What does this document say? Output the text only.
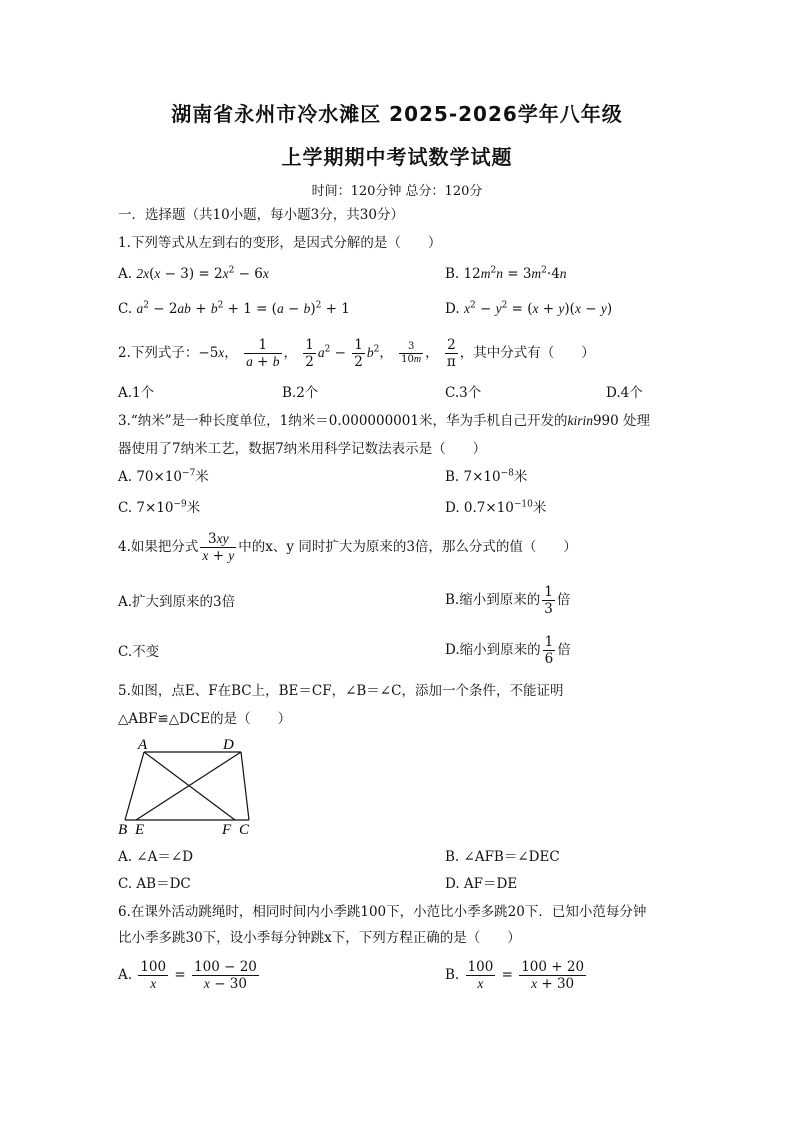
湖南省永州市冷水滩区 2025-2026学年八年级
上学期期中考试数学试题
时间：120分钟 总分：120分
一．选择题（共10小题，每小题3分，共30分）
1.下列等式从左到右的变形，是因式分解的是（　　）
A. $2x(x - 3) = 2x^2 - 6x$	B. $12m^2n = 3m^2\cdot 4n$
C. $a^2 - 2ab + b^2 + 1 = (a - b)^2 + 1$	D. $x^2 - y^2 = (x + y)(x - y)$
2.下列式子：−5x， $\frac{1}{a + b}$ ， $\frac{1}{2} a^2 - \frac{1}{2} b^2$， $\frac{3}{10m}$ ， $\frac{2}{\pi}$ ，其中分式有（　　）
A.1个	B.2个	C.3个	D.4个
3.“纳米”是一种长度单位，1纳米＝0.000000001米，华为手机自己开发的kirin990 处理
器使用了7纳米工艺，数据7纳米用科学记数法表示是（　　）
A. $70\times 10^{-7}$米	B. $7\times 10^{-8}$米
C. $7\times 10^{-9}$米	D. $0.7\times 10^{-10}$米
4.如果把分式 $\frac{3xy}{x + y}$ 中的x、y 同时扩大为原来的3倍，那么分式的值（　　）
A.扩大到原来的3倍	B.缩小到原来的 $\frac{1}{3}$ 倍
C.不变	D.缩小到原来的 $\frac{1}{6}$ 倍
5.如图，点E、F在BC上，BE＝CF，∠B＝∠C，添加一个条件，不能证明
△ABF≌△DCE的是（　　）
A	D
B E	F C
A. ∠A＝∠D	B. ∠AFB＝∠DEC
C. AB＝DC	D. AF＝DE
6.在课外活动跳绳时，相同时间内小季跳100下，小范比小季多跳20下．已知小范每分钟
比小季多跳30下，设小季每分钟跳x下，下列方程正确的是（　　）
A. $\frac{100}{x} = \frac{100 - 20}{x - 30}$	B. $\frac{100}{x} = \frac{100 + 20}{x + 30}$
